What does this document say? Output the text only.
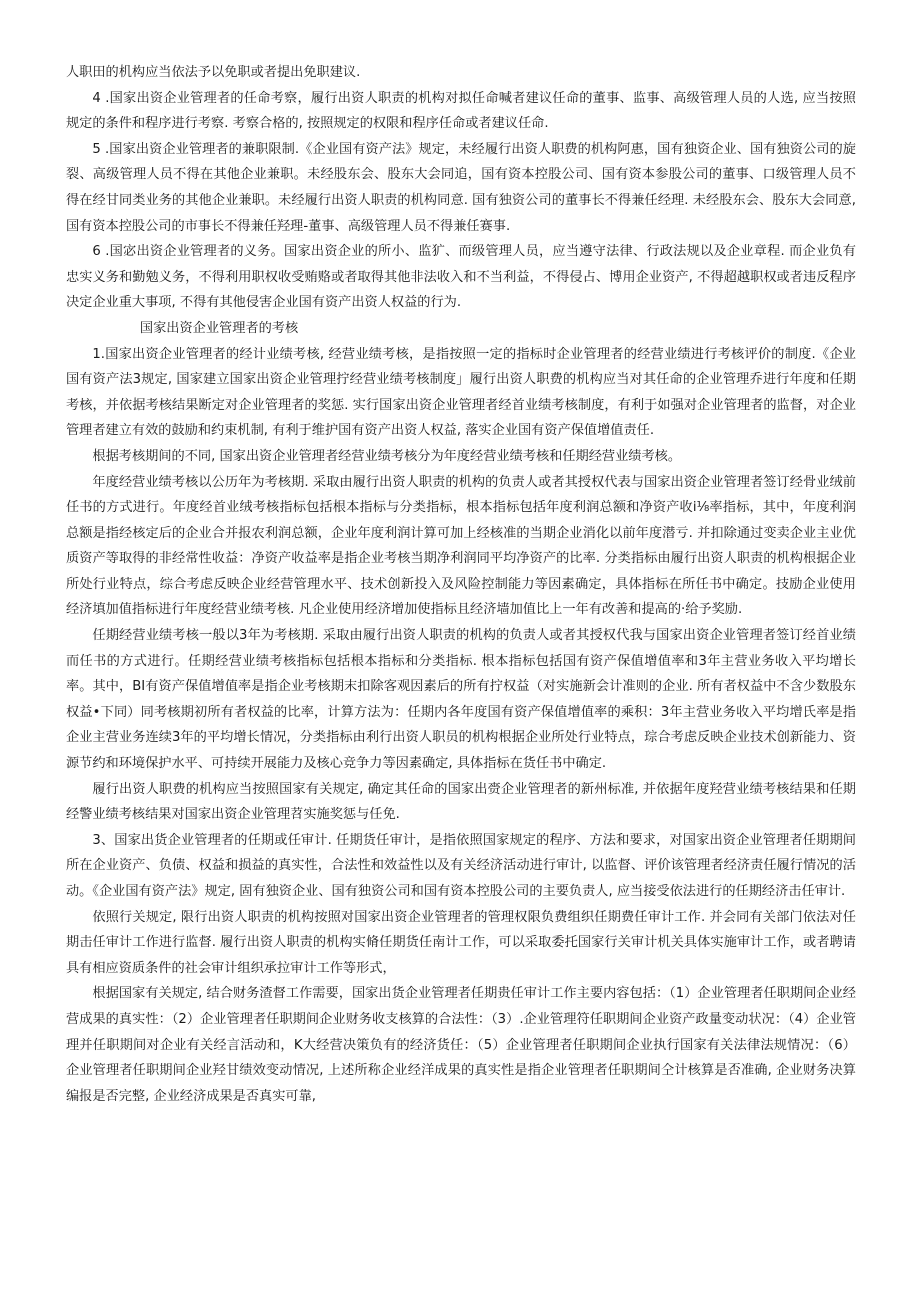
人职田的机构应当依法予以免职或者提出免职建议.

4 .国家出资企业管理者的任命考察，履行出资人职责的机构对拟任命喊者建议任命的董事、监事、高级管理人员的人选, 应当按照规定的条件和程序进行考察. 考察合格的, 按照规定的权限和程序任命或者建议任命.

5 .国家出资企业管理者的兼职限制.《企业国有资产法》规定，未经履行出资人职费的机构阿惠，国有独资企业、国有独资公司的旋裂、高级管理人员不得在其他企业兼职。未经股东会、股东大会同追，国有资本控股公司、国有资本参股公司的董事、口级管理人员不得在经甘同类业务的其他企业兼职。未经履行出资人职责的机构同意. 国有独资公司的董事长不得兼任经理. 未经股东会、股东大会同意, 国有资本控股公司的市事长不得兼任羟理-董事、高级管理人员不得兼任赛事.

6 .国宓出资企业管理者的义务。国家出资企业的所小、监犷、而级管理人员，应当遵守法律、行政法规以及企业章程. 而企业负有忠实义务和勤勉义务，不得利用职权收受贿赂或者取得其他非法收入和不当利益，不得侵占、博用企业资产, 不得超越职权或者违反程序决定企业重大事项, 不得有其他侵害企业国有资产出资人权益的行为.

国家出资企业管理者的考核

1.国家出资企业管理者的经计业绩考核, 经营业绩考核，是指按照一定的指标时企业管理者的经营业绩进行考核评价的制度.《企业国有资产法3规定, 国家建立国家出资企业管理拧经营业绩考核制度」履行出资人职费的机构应当对其任命的企业管理乔进行年度和任期考核，并依据考核结果断定对企业管理者的奖惩. 实行国家出资企业管理者经首业绩考核制度，有利于如强对企业管理者的监督，对企业管理者建立有效的鼓励和约束机制, 有利于维护国有资产出资人权益, 落实企业国有资产保值增值责任.

根据考核期间的不同, 国家出资企业管理者经营业绩考核分为年度经营业绩考核和任期经营业绩考核。

年度经营业绩考核以公历年为考核期. 采取由履行出资人职责的机构的负责人或者其授权代表与国家出资企业管理者签订经骨业绒前任书的方式进行。年度经首业绒考核指标包括根本指标与分类指标，根本指标包括年度利润总额和净资产收i⅛率指标，其中，年度利润总额是指经核定后的企业合并报农利润总额，企业年度利润计算可加上经核准的当期企业消化以前年度潜亏. 并扣除通过变卖企业主业优质资产等取得的非经常性收益：净资产收益率是指企业考核当期净利润同平均净资产的比率. 分类指标由履行出资人职责的机构根据企业所处行业特点，综合考虑反映企业经营管理水平、技术创新投入及风险控制能力等因素确定，具体指标在所任书中确定。技励企业使用经济填加值指标进行年度经营业绩考核. 凡企业使用经济增加使指标且经济墙加值比上一年有改善和提高的·给予奖励.

任期经营业绩考核一般以3年为考核期. 采取由履行出资人职责的机构的负责人或者其授权代我与国家出资企业管理者签订经首业绩而任书的方式进行。任期经营业绩考核指标包括根本指标和分类指标. 根本指标包括国有资产保值增值率和3年主营业务收入平均增长率。其中，BI有资产保值增值率是指企业考核期末扣除客观因素后的所有拧权益（对实施新会计准则的企业. 所有者权益中不含少数股东权益•下同）同考核期初所有者权益的比率，计算方法为：任期内各年度国有资产保值增值率的乘积：3年主营业务收入平均增氏率是指企业主营业务连续3年的平均增长情况，分类指标由利行出资人职员的机构根据企业所处行业特点，琮合考虑反映企业技术创新能力、资源节约和环境保护水平、可持续开展能力及核心竞争力等因素确定, 具体指标在货任书中确定.

履行出资人职费的机构应当按照国家有关规定, 确定其任命的国家出赍企业管理者的新州标准, 并依据年度羟营业绩考核结果和任期经警业绩考核结果对国家出资企业管理苕实施奖惩与任免.

3、国家出货企业管理者的任期或任审计. 任期货任审计，是指依照国家规定的程序、方法和要求，对国家出资企业管理者任期期间所在企业资产、负债、权益和损益的真实性，合法性和效益性以及有关经济活动进行审计, 以监督、评价该管理者经济责任履行情况的活动。《企业国有资产法》规定, 固有独资企业、国有独资公司和国有资本控股公司的主要负责人, 应当接受依法进行的任期经济击任审计.

依照行关规定, 限行出资人职责的机构按照对国家出资企业管理者的管理权限负费组织任期费任审计工作. 并会同有关部门依法对任期击任审计工作进行监督. 履行出资人职责的机构实脩任期货任南计工作，可以采取委托国家行关审计机关具体实施审计工作，或者聘请具有相应资质条件的社会审计组织承拉审计工作等形式，

根据国家有关规定, 结合财务渣督工作需要，国家出货企业管理者任期贵任审计工作主要内容包括：（1）企业管理者任职期间企业经营成果的真实性：（2）企业管理者任职期间企业财务收支核算的合法性：（3）.企业管理符任职期间企业资产政量变动状况：（4）企业管理并任职期间对企业有关经言活动和，K大经营决策负有的经济货任：（5）企业管理者任职期间企业执行国家有关法律法规情况：（6）企业管理者任职期间企业羟甘绩效变动情况, 上述所称企业经洋成果的真实性是指企业管理者任职期间仝计核算是否准确, 企业财务决算编报是否完整, 企业经济成果是否真实可靠,
